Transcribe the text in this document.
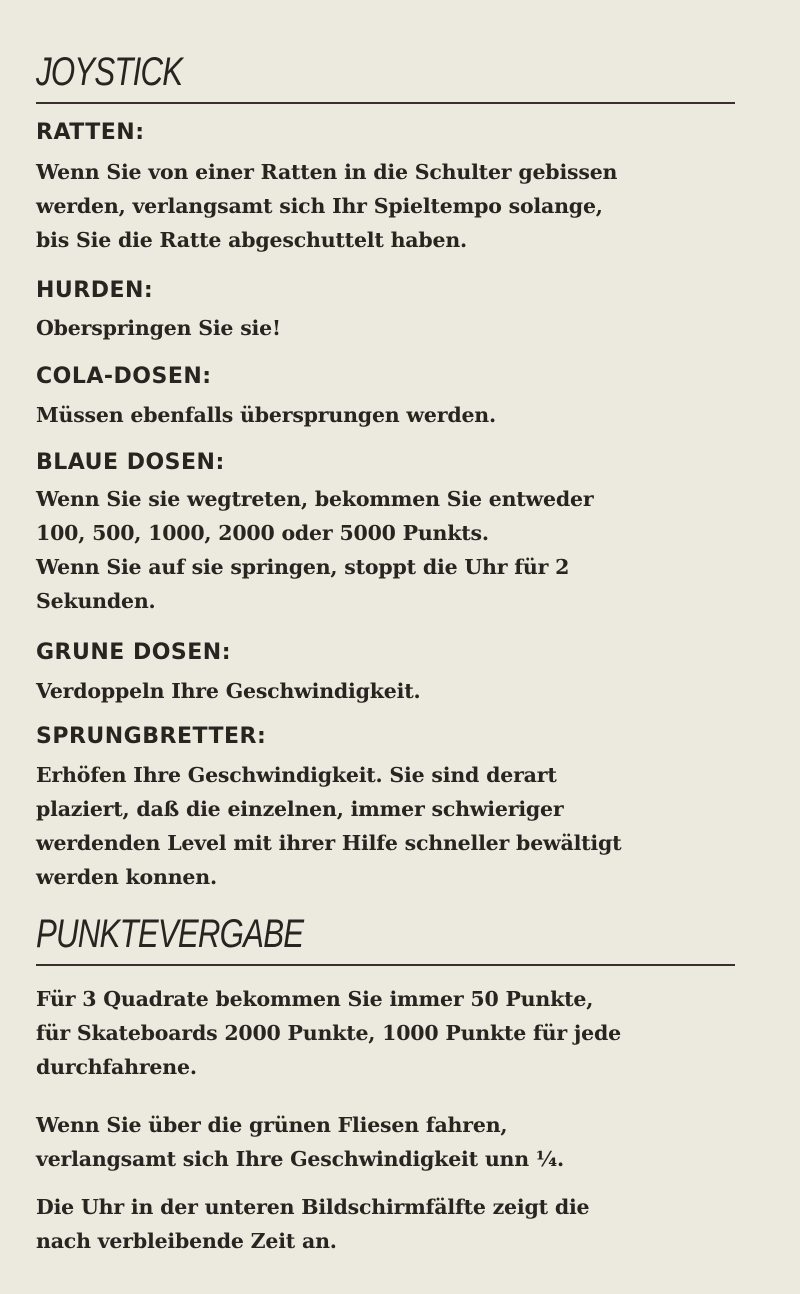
JOYSTICK
RATTEN:

Wenn Sie von einer Ratten in die Schulter gebissen

werden, verlangsamt sich Ihr Spieltempo solange,

bis Sie die Ratte abgeschuttelt haben.

HURDEN:

Oberspringen Sie sie!

COLA-DOSEN:

Müssen ebenfalls übersprungen werden.

BLAUE DOSEN:

Wenn Sie sie wegtreten, bekommen Sie entweder

100, 500, 1000, 2000 oder 5000 Punkts.

Wenn Sie auf sie springen, stoppt die Uhr für 2

Sekunden.

GRUNE DOSEN:

Verdoppeln Ihre Geschwindigkeit.

SPRUNGBRETTER:

Erhöfen Ihre Geschwindigkeit. Sie sind derart

plaziert, daß die einzelnen, immer schwieriger

werdenden Level mit ihrer Hilfe schneller bewältigt

werden konnen.

PUNKTEVERGABE

Für 3 Quadrate bekommen Sie immer 50 Punkte,

für Skateboards 2000 Punkte, 1000 Punkte für jede

durchfahrene.

Wenn Sie über die grünen Fliesen fahren,

verlangsamt sich Ihre Geschwindigkeit unn ¼.

Die Uhr in der unteren Bildschirmfälfte zeigt die

nach verbleibende Zeit an.
